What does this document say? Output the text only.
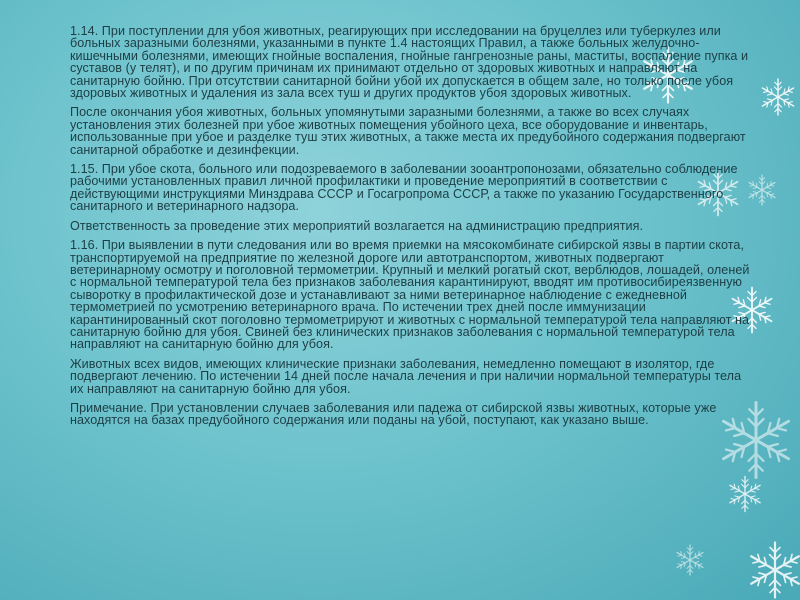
1.14. При поступлении для убоя животных, реагирующих при исследовании на бруцеллез или туберкулез или больных заразными болезнями, указанными в пункте 1.4 настоящих Правил, а также больных желудочно-кишечными болезнями, имеющих гнойные воспаления, гнойные гангренозные раны, маститы, воспаление пупка и суставов (у телят), и по другим причинам их принимают отдельно от здоровых животных и направляют на санитарную бойню. При отсутствии санитарной бойни убой их допускается в общем зале, но только после убоя здоровых животных и удаления из зала всех туш и других продуктов убоя здоровых животных.
После окончания убоя животных, больных упомянутыми заразными болезнями, а также во всех случаях установления этих болезней при убое животных помещения убойного цеха, все оборудование и инвентарь, использованные при убое и разделке туш этих животных, а также места их предубойного содержания подвергают санитарной обработке и дезинфекции.
1.15. При убое скота, больного или подозреваемого в заболевании зооантропонозами, обязательно соблюдение рабочими установленных правил личной профилактики и проведение мероприятий в соответствии с действующими инструкциями Минздрава СССР и Госагропрома СССР, а также по указанию Государственного санитарного и ветеринарного надзора.
Ответственность за проведение этих мероприятий возлагается на администрацию предприятия.
1.16. При выявлении в пути следования или во время приемки на мясокомбинате сибирской язвы в партии скота, транспортируемой на предприятие по железной дороге или автотранспортом, животных подвергают ветеринарному осмотру и поголовной термометрии. Крупный и мелкий рогатый скот, верблюдов, лошадей, оленей с нормальной температурой тела без признаков заболевания карантинируют, вводят им противосибиреязвенную сыворотку в профилактической дозе и устанавливают за ними ветеринарное наблюдение с ежедневной термометрией по усмотрению ветеринарного врача. По истечении трех дней после иммунизации карантинированный скот поголовно термометрируют и животных с нормальной температурой тела направляют на санитарную бойню для убоя. Свиней без клинических признаков заболевания с нормальной температурой тела направляют на санитарную бойню для убоя.
Животных всех видов, имеющих клинические признаки заболевания, немедленно помещают в изолятор, где подвергают лечению. По истечении 14 дней после начала лечения и при наличии нормальной температуры тела их направляют на санитарную бойню для убоя.
Примечание. При установлении случаев заболевания или падежа от сибирской язвы животных, которые уже находятся на базах предубойного содержания или поданы на убой, поступают, как указано выше.
